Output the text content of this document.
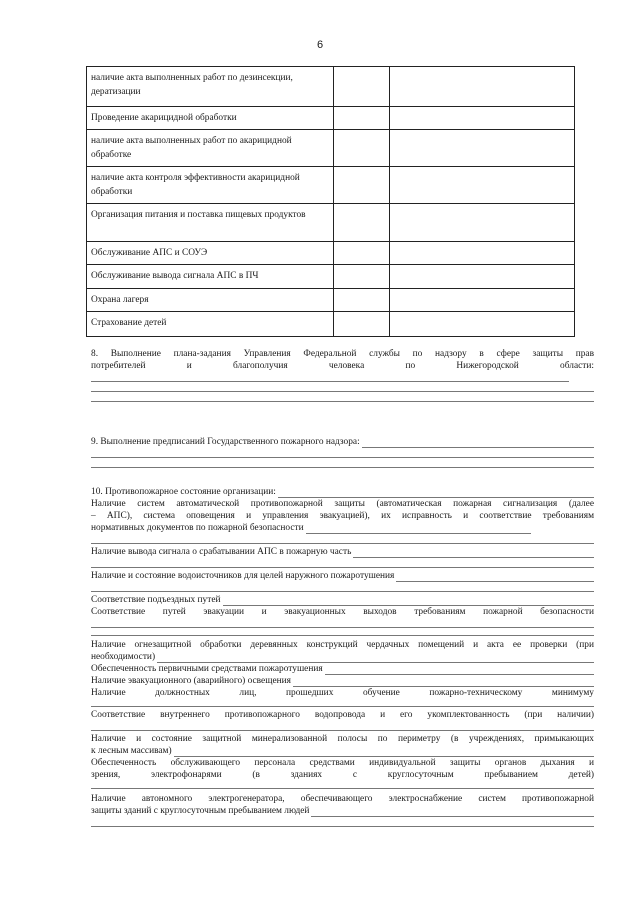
6
наличие акта выполненных работ по дезинсекции, дератизации		
Проведение акарицидной обработки		
наличие акта выполненных работ по акарицидной обработке		
наличие акта контроля эффективности акарицидной обработки		
Организация питания и поставка пищевых продуктов		
Обслуживание АПС и СОУЭ		
Обслуживание вывода сигнала АПС в ПЧ		
Охрана лагеря		
Страхование детей		
8. Выполнение плана-задания Управления Федеральной службы по надзору в сфере защиты прав
потребителей и благополучия человека по Нижегородской области:
9. Выполнение предписаний Государственного пожарного надзора:
10. Противопожарное состояние организации:
Наличие систем автоматической противопожарной защиты (автоматическая пожарная сигнализация (далее
– АПС), система оповещения и управления эвакуацией), их исправность и соответствие требованиям
нормативных документов по пожарной безопасности
Наличие вывода сигнала о срабатывании АПС в пожарную часть
Наличие и состояние водоисточников для целей наружного пожаротушения
Соответствие подъездных путей
Соответствие путей эвакуации и эвакуационных выходов требованиям пожарной безопасности
Наличие огнезащитной обработки деревянных конструкций чердачных помещений и акта ее проверки (при
необходимости)
Обеспеченность первичными средствами пожаротушения
Наличие эвакуационного (аварийного) освещения
Наличие должностных лиц, прошедших обучение пожарно-техническому минимуму
Соответствие внутреннего противопожарного водопровода и его укомплектованность (при наличии)
Наличие и состояние защитной минерализованной полосы по периметру (в учреждениях, примыкающих
к лесным массивам)
Обеспеченность обслуживающего персонала средствами индивидуальной защиты органов дыхания и
зрения, электрофонарями (в зданиях с круглосуточным пребыванием детей)
Наличие автономного электрогенератора, обеспечивающего электроснабжение систем противопожарной
защиты зданий с круглосуточным пребыванием людей
